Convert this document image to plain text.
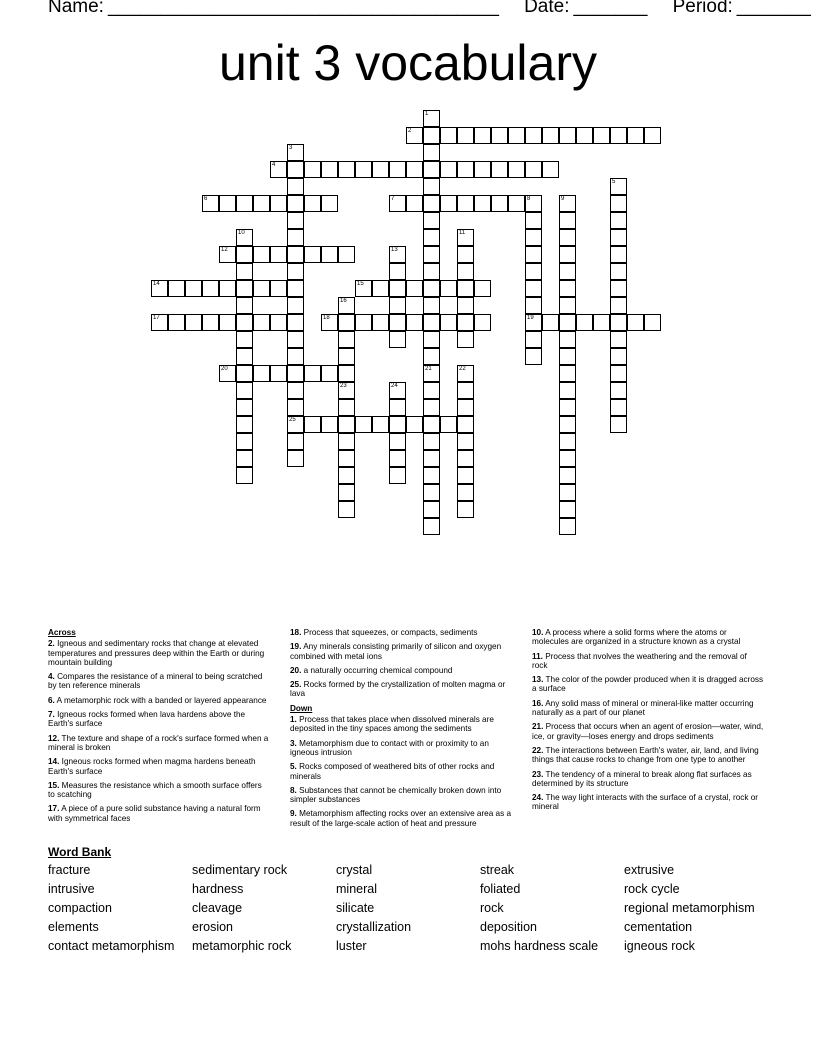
Name: _____________________________________ Date: _______ Period: _______
unit 3 vocabulary
1
21
2
3
25
4
5
6	7	8
19
9
10	11
12	13
14	15
16
17	18
20	22
23	24
Across
2. Igneous and sedimentary rocks that change at elevated temperatures and pressures deep within the Earth or during mountain building
4. Compares the resistance of a mineral to being scratched by ten reference minerals
6. A metamorphic rock with a banded or layered appearance
7. Igneous rocks formed when lava hardens above the Earth's surface
12. The texture and shape of a rock's surface formed when a mineral is broken
14. Igneous rocks formed when magma hardens beneath Earth's surface
15. Measures the resistance which a smooth surface offers to scatching
17. A piece of a pure solid substance having a natural form with symmetrical faces
18. Process that squeezes, or compacts, sediments
19. Any minerals consisting primarily of silicon and oxygen combined with metal ions
20. a naturally occurring chemical compound
25. Rocks formed by the crystallization of molten magma or lava
Down
1. Process that takes place when dissolved minerals are deposited in the tiny spaces among the sediments
3. Metamorphism due to contact with or proximity to an igneous intrusion
5. Rocks composed of weathered bits of other rocks and minerals
8. Substances that cannot be chemically broken down into simpler substances
9. Metamorphism affecting rocks over an extensive area as a result of the large-scale action of heat and pressure
10. A process where a solid forms where the atoms or molecules are organized in a structure known as a crystal
11. Process that nvolves the weathering and the removal of rock
13. The color of the powder produced when it is dragged across a surface
16. Any solid mass of mineral or mineral-like matter occurring naturally as a part of our planet
21. Process that occurs when an agent of erosion—water, wind, ice, or gravity—loses energy and drops sediments
22. The interactions between Earth's water, air, land, and living things that cause rocks to change from one type to another
23. The tendency of a mineral to break along flat surfaces as determined by its structure
24. The way light interacts with the surface of a crystal, rock or mineral
Word Bank
fracture	sedimentary rock	crystal	streak	extrusive
intrusive	hardness	mineral	foliated	rock cycle
compaction	cleavage	silicate	rock	regional metamorphism
elements	erosion	crystallization	deposition	cementation
contact metamorphism	metamorphic rock	luster	mohs hardness scale	igneous rock
